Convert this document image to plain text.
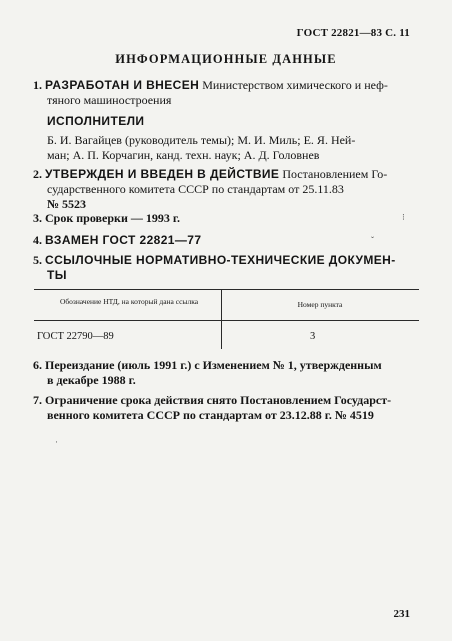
ГОСТ 22821—83 С. 11
ИНФОРМАЦИОННЫЕ ДАННЫЕ
1. РАЗРАБОТАН И ВНЕСЕН Министерством химического и неф-
тяного машиностроения
ИСПОЛНИТЕЛИ
Б. И. Вагайцев (руководитель темы); М. И. Миль; Е. Я. Ней-
ман; А. П. Корчагин, канд. техн. наук; А. Д. Головнев
2. УТВЕРЖДЕН И ВВЕДЕН В ДЕЙСТВИЕ Постановлением Го-
сударственного комитета СССР по стандартам от 25.11.83
№ 5523
3. Срок проверки — 1993 г.
4. ВЗАМЕН ГОСТ 22821—77
5. ССЫЛОЧНЫЕ НОРМАТИВНО-ТЕХНИЧЕСКИЕ ДОКУМЕН-
ТЫ
Обозначение НТД, на который дана ссылка	Номер пункта
ГОСТ 22790—89	3
6. Переиздание (июль 1991 г.) с Изменением № 1, утвержденным
в декабре 1988 г.
7. Ограничение срока действия снято Постановлением Государст-
венного комитета СССР по стандартам от 23.12.88 г. № 4519
231
⁝
ˇ
·
